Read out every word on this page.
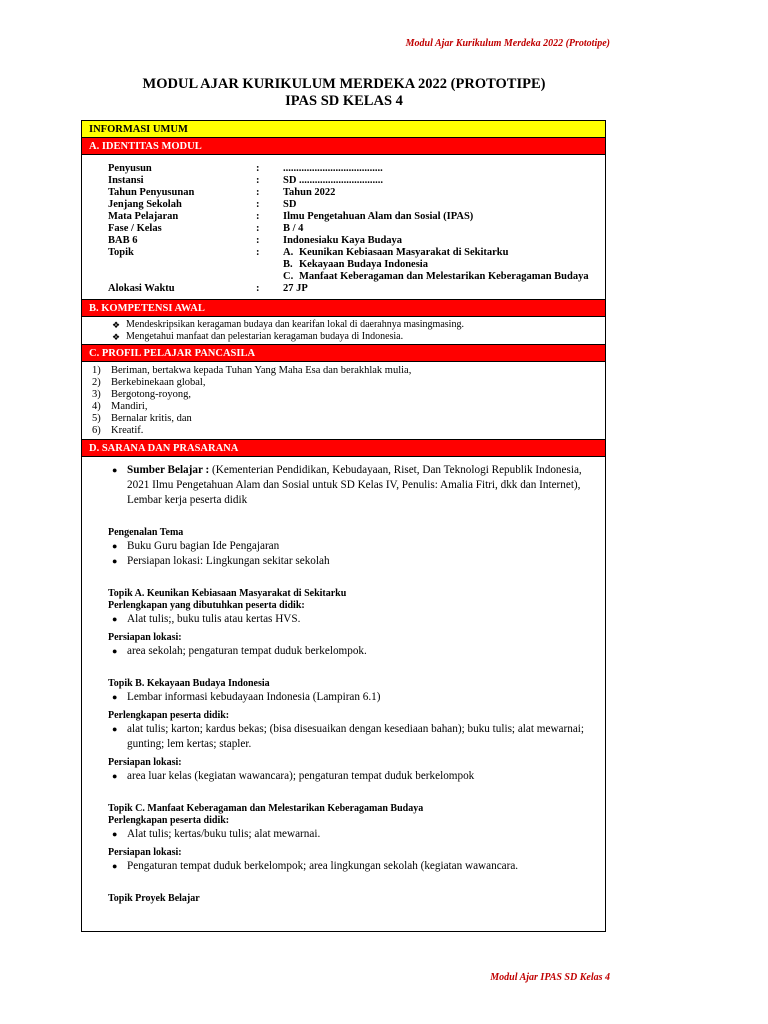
Modul Ajar Kurikulum Merdeka 2022 (Prototipe)
MODUL AJAR KURIKULUM MERDEKA 2022 (PROTOTIPE)
IPAS SD KELAS 4
INFORMASI UMUM
A. IDENTITAS MODUL
Penyusun	:	......................................
Instansi	:	SD ................................
Tahun Penyusunan	:	Tahun 2022
Jenjang Sekolah	:	SD
Mata Pelajaran	:	Ilmu Pengetahuan Alam dan Sosial (IPAS)
Fase / Kelas	:	B / 4
BAB 6	:	Indonesiaku Kaya Budaya
Topik	:	A. Keunikan Kebiasaan Masyarakat di Sekitarku
B. Kekayaan Budaya Indonesia
C. Manfaat Keberagaman dan Melestarikan Keberagaman Budaya
Alokasi Waktu	:	27 JP
B. KOMPETENSI AWAL
❖ Mendeskripsikan keragaman budaya dan kearifan lokal di daerahnya masingmasing.
❖ Mengetahui manfaat dan pelestarian keragaman budaya di Indonesia.
C. PROFIL PELAJAR PANCASILA
1) Beriman, bertakwa kepada Tuhan Yang Maha Esa dan berakhlak mulia,
2) Berkebinekaan global,
3) Bergotong-royong,
4) Mandiri,
5) Bernalar kritis, dan
6) Kreatif.
D. SARANA DAN PRASARANA
● Sumber Belajar : (Kementerian Pendidikan, Kebudayaan, Riset, Dan Teknologi Republik Indonesia, 2021 Ilmu Pengetahuan Alam dan Sosial untuk SD Kelas IV, Penulis: Amalia Fitri, dkk dan Internet), Lembar kerja peserta didik
Pengenalan Tema
● Buku Guru bagian Ide Pengajaran
● Persiapan lokasi: Lingkungan sekitar sekolah
Topik A. Keunikan Kebiasaan Masyarakat di Sekitarku
Perlengkapan yang dibutuhkan peserta didik:
● Alat tulis;, buku tulis atau kertas HVS.
Persiapan lokasi:
● area sekolah; pengaturan tempat duduk berkelompok.
Topik B. Kekayaan Budaya Indonesia
● Lembar informasi kebudayaan Indonesia (Lampiran 6.1)
Perlengkapan peserta didik:
● alat tulis; karton; kardus bekas; (bisa disesuaikan dengan kesediaan bahan); buku tulis; alat mewarnai; gunting; lem kertas; stapler.
Persiapan lokasi:
● area luar kelas (kegiatan wawancara); pengaturan tempat duduk berkelompok
Topik C. Manfaat Keberagaman dan Melestarikan Keberagaman Budaya
Perlengkapan peserta didik:
● Alat tulis; kertas/buku tulis; alat mewarnai.
Persiapan lokasi:
● Pengaturan tempat duduk berkelompok; area lingkungan sekolah (kegiatan wawancara.
Topik Proyek Belajar
Modul Ajar IPAS SD Kelas 4
